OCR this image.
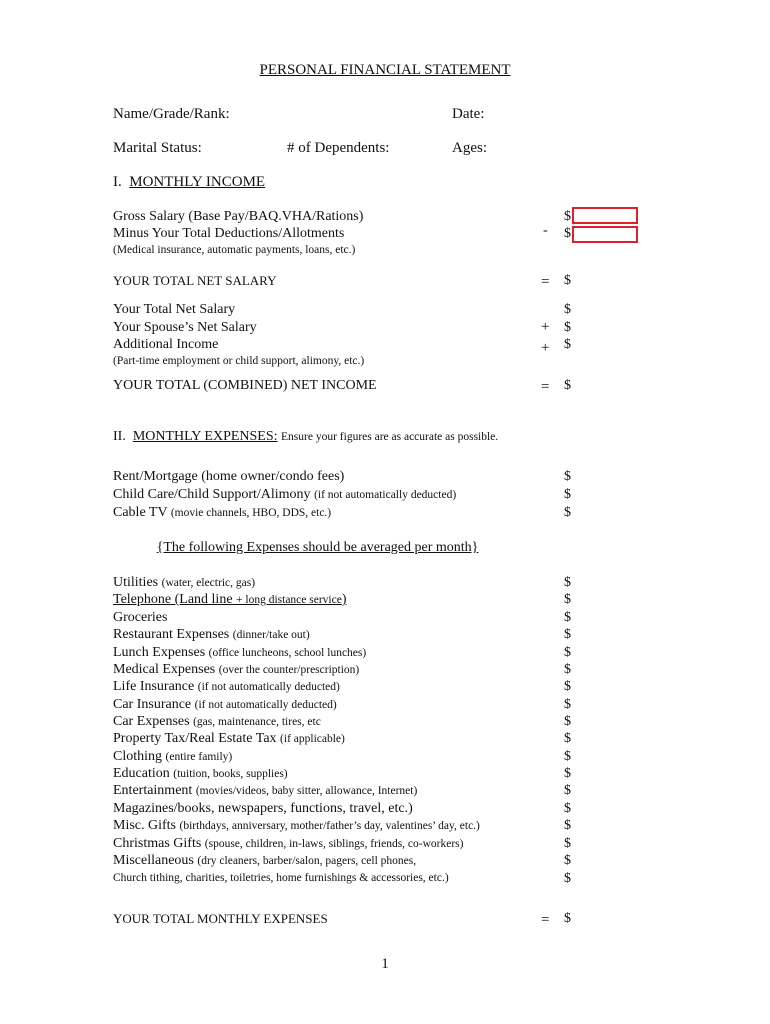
PERSONAL FINANCIAL STATEMENT
Name/Grade/Rank:	Date:
Marital Status:	# of Dependents:	Ages:
I. MONTHLY INCOME
Gross Salary (Base Pay/BAQ.VHA/Rations)	$
Minus Your Total Deductions/Allotments	- $
(Medical insurance, automatic payments, loans, etc.)
YOUR TOTAL NET SALARY	= $
Your Total Net Salary	$
Your Spouse’s Net Salary	+ $
Additional Income	+ $
(Part-time employment or child support, alimony, etc.)
YOUR TOTAL (COMBINED) NET INCOME	= $
II. MONTHLY EXPENSES: Ensure your figures are as accurate as possible.
Rent/Mortgage (home owner/condo fees)	$
Child Care/Child Support/Alimony (if not automatically deducted)	$
Cable TV (movie channels, HBO, DDS, etc.)	$
{The following Expenses should be averaged per month}
Utilities (water, electric, gas)	$
Telephone (Land line + long distance service)	$
Groceries	$
Restaurant Expenses (dinner/take out)	$
Lunch Expenses (office luncheons, school lunches)	$
Medical Expenses (over the counter/prescription)	$
Life Insurance (if not automatically deducted)	$
Car Insurance (if not automatically deducted)	$
Car Expenses (gas, maintenance, tires, etc	$
Property Tax/Real Estate Tax (if applicable)	$
Clothing (entire family)	$
Education (tuition, books, supplies)	$
Entertainment (movies/videos, baby sitter, allowance, Internet)	$
Magazines/books, newspapers, functions, travel, etc.)	$
Misc. Gifts (birthdays, anniversary, mother/father’s day, valentines’ day, etc.)	$
Christmas Gifts (spouse, children, in-laws, siblings, friends, co-workers)	$
Miscellaneous (dry cleaners, barber/salon, pagers, cell phones,	$
Church tithing, charities, toiletries, home furnishings & accessories, etc.)	$
YOUR TOTAL MONTHLY EXPENSES	= $
1
